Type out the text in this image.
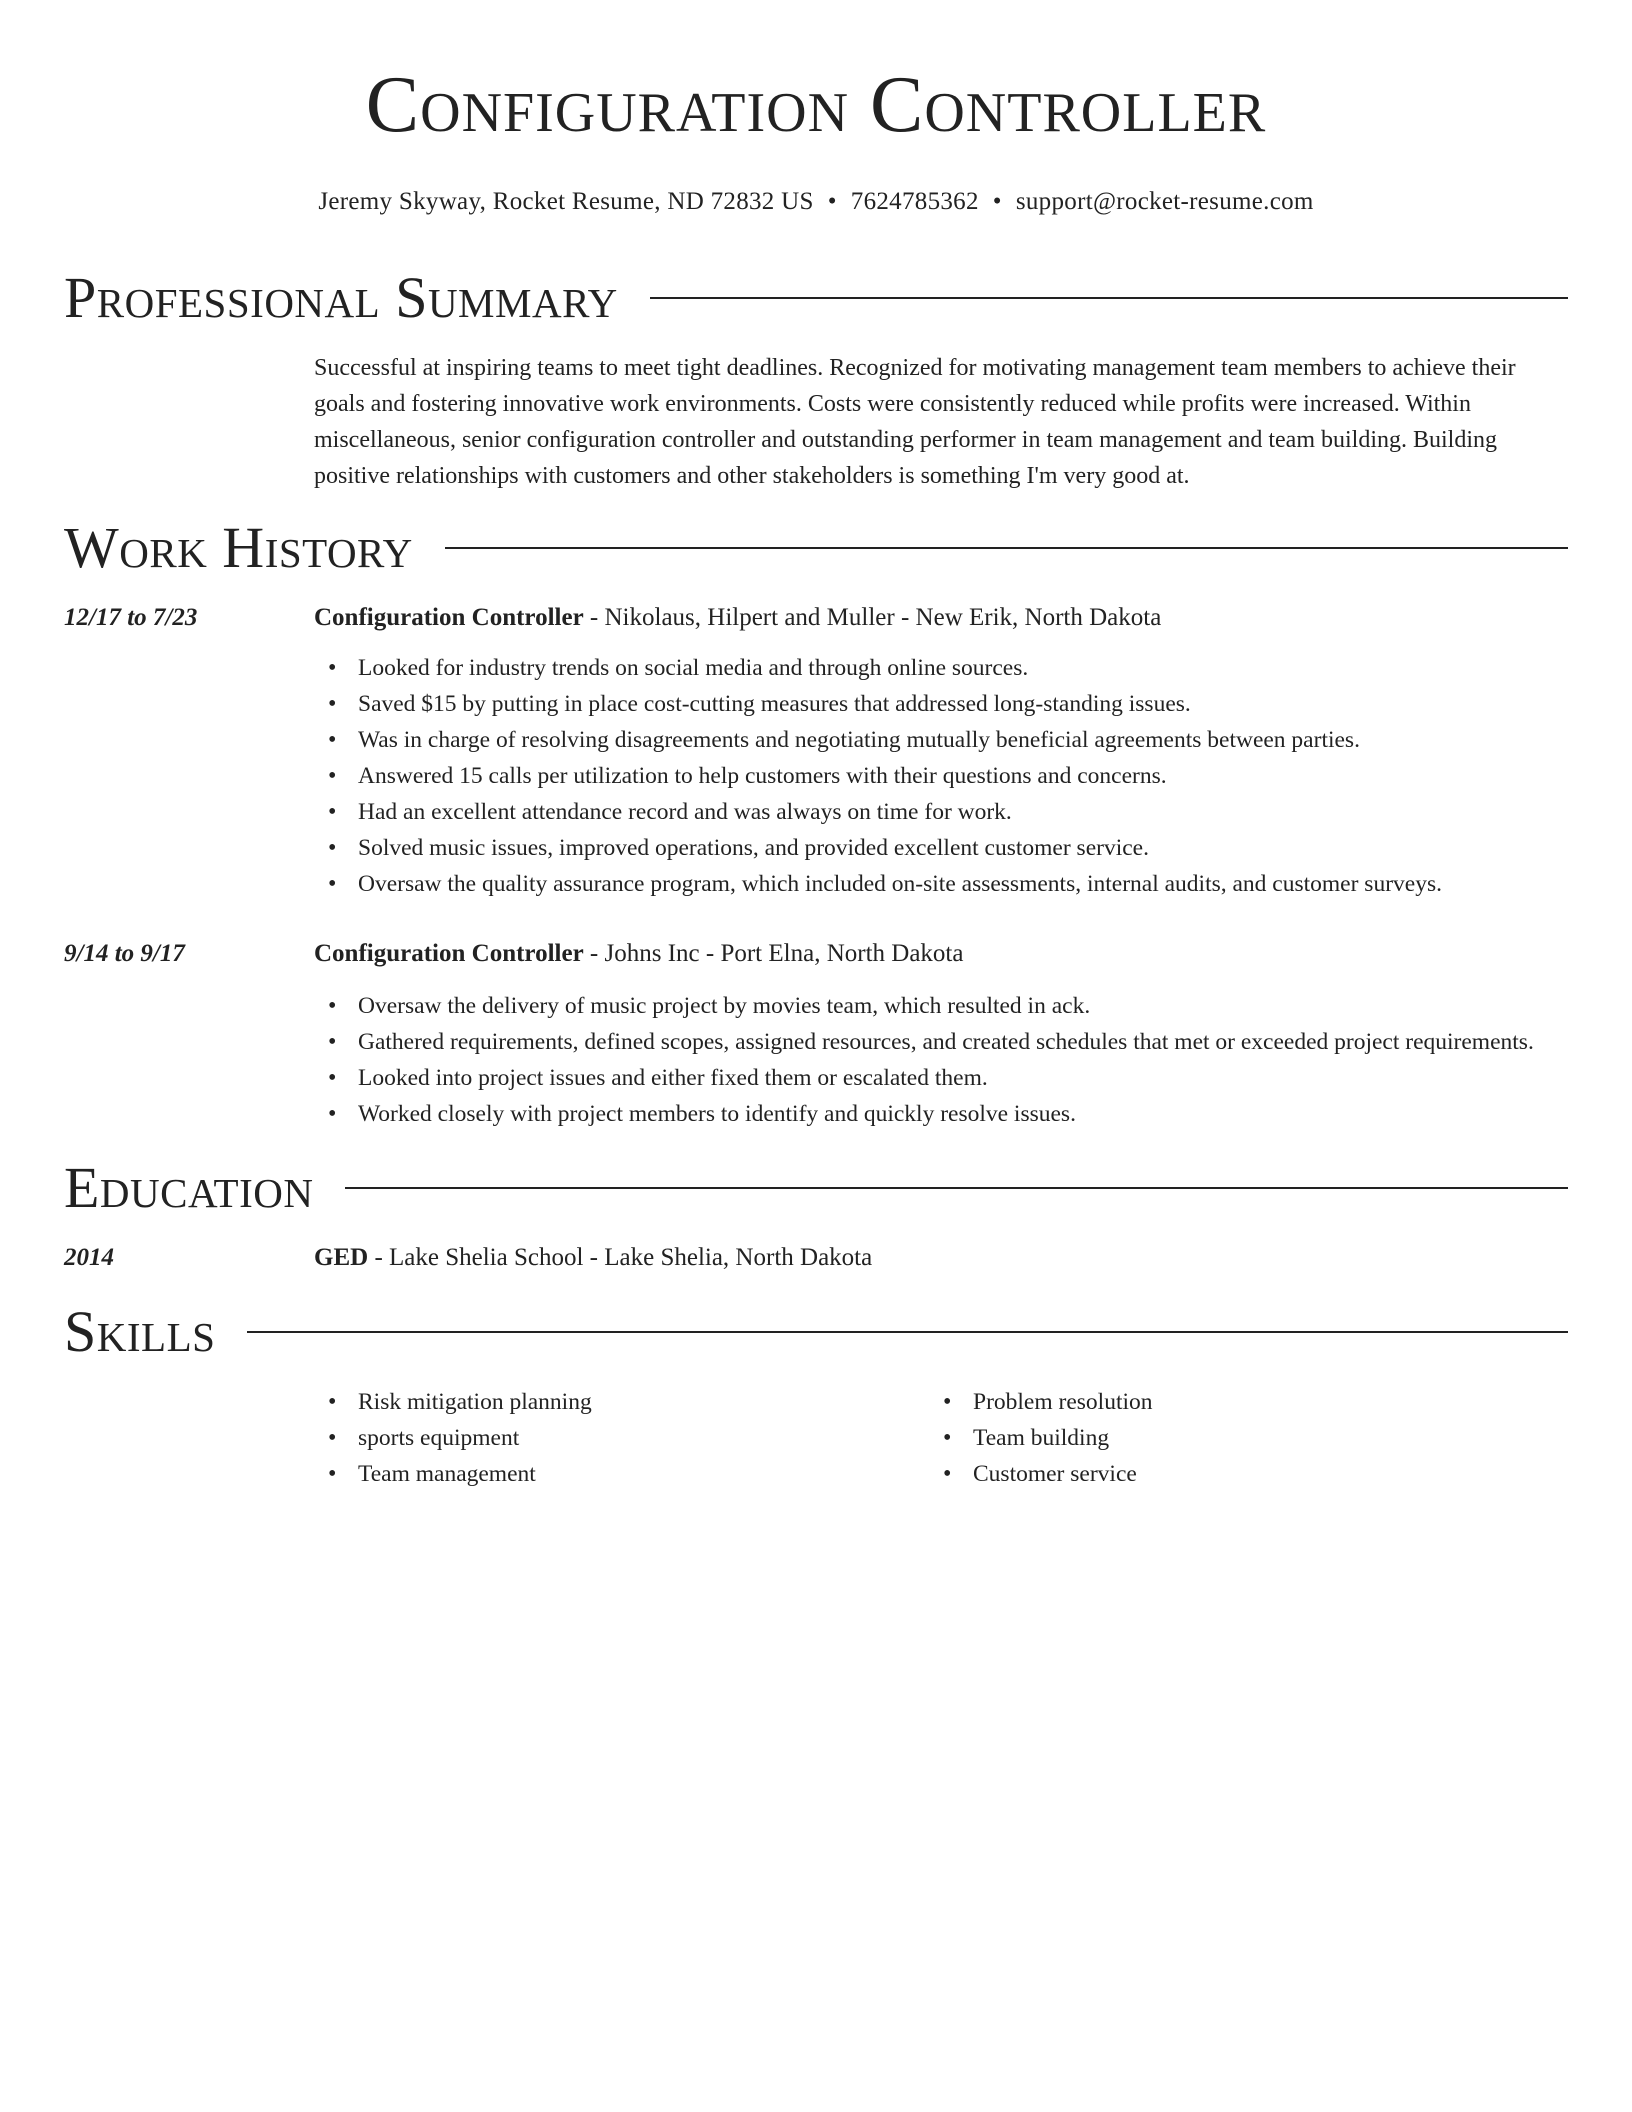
Configuration Controller
Jeremy Skyway, Rocket Resume, ND 72832 US • 7624785362 • support@rocket-resume.com
Professional Summary
Successful at inspiring teams to meet tight deadlines. Recognized for motivating management team members to achieve their goals and fostering innovative work environments. Costs were consistently reduced while profits were increased. Within miscellaneous, senior configuration controller and outstanding performer in team management and team building. Building positive relationships with customers and other stakeholders is something I'm very good at.
Work History
12/17 to 7/23	Configuration Controller - Nikolaus, Hilpert and Muller - New Erik, North Dakota
• Looked for industry trends on social media and through online sources.
• Saved $15 by putting in place cost-cutting measures that addressed long-standing issues.
• Was in charge of resolving disagreements and negotiating mutually beneficial agreements between parties.
• Answered 15 calls per utilization to help customers with their questions and concerns.
• Had an excellent attendance record and was always on time for work.
• Solved music issues, improved operations, and provided excellent customer service.
• Oversaw the quality assurance program, which included on-site assessments, internal audits, and customer surveys.
9/14 to 9/17	Configuration Controller - Johns Inc - Port Elna, North Dakota
• Oversaw the delivery of music project by movies team, which resulted in ack.
• Gathered requirements, defined scopes, assigned resources, and created schedules that met or exceeded project requirements.
• Looked into project issues and either fixed them or escalated them.
• Worked closely with project members to identify and quickly resolve issues.
Education
2014	GED - Lake Shelia School - Lake Shelia, North Dakota
Skills
• Risk mitigation planning
• sports equipment
• Team management
• Problem resolution
• Team building
• Customer service
